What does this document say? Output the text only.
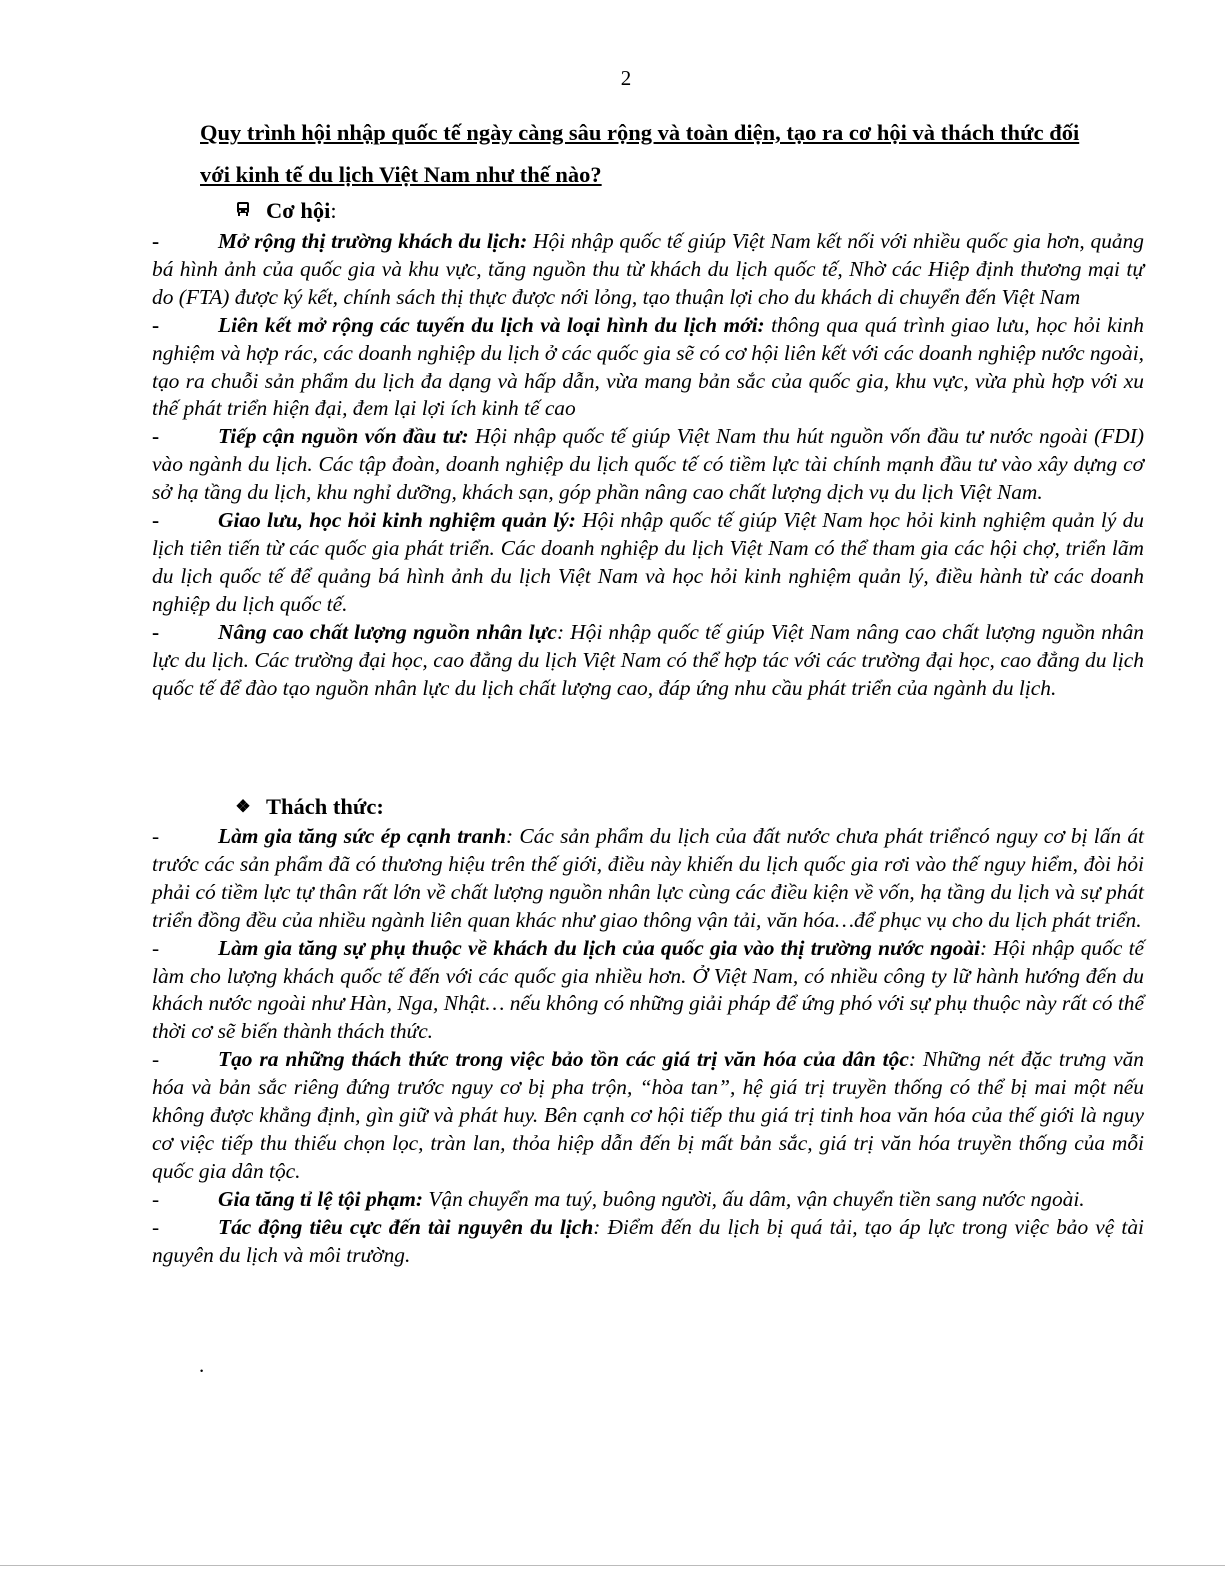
2
Quy trình hội nhập quốc tế ngày càng sâu rộng và toàn diện, tạo ra cơ hội và thách thức đối với kinh tế du lịch Việt Nam như thế nào?
Cơ hội :

-	Mở rộng thị trường khách du lịch: Hội nhập quốc tế giúp Việt Nam kết nối với nhiều quốc gia hơn, quảng bá hình ảnh của quốc gia và khu vực, tăng nguồn thu từ khách du lịch quốc tế, Nhờ các Hiệp định thương mại tự do (FTA) được ký kết, chính sách thị thực được nới lỏng, tạo thuận lợi cho du khách di chuyển đến Việt Nam

-	Liên kết mở rộng các tuyến du lịch và loại hình du lịch mới: thông qua quá trình giao lưu, học hỏi kinh nghiệm và hợp rác, các doanh nghiệp du lịch ở các quốc gia sẽ có cơ hội liên kết với các doanh nghiệp nước ngoài, tạo ra chuỗi sản phẩm du lịch đa dạng và hấp dẫn, vừa mang bản sắc của quốc gia, khu vực, vừa phù hợp với xu thế phát triển hiện đại, đem lại lợi ích kinh tế cao

-	Tiếp cận nguồn vốn đầu tư: Hội nhập quốc tế giúp Việt Nam thu hút nguồn vốn đầu tư nước ngoài (FDI) vào ngành du lịch. Các tập đoàn, doanh nghiệp du lịch quốc tế có tiềm lực tài chính mạnh đầu tư vào xây dựng cơ sở hạ tầng du lịch, khu nghỉ dưỡng, khách sạn, góp phần nâng cao chất lượng dịch vụ du lịch Việt Nam.

-	Giao lưu, học hỏi kinh nghiệm quản lý: Hội nhập quốc tế giúp Việt Nam học hỏi kinh nghiệm quản lý du lịch tiên tiến từ các quốc gia phát triển. Các doanh nghiệp du lịch Việt Nam có thể tham gia các hội chợ, triển lãm du lịch quốc tế để quảng bá hình ảnh du lịch Việt Nam và học hỏi kinh nghiệm quản lý, điều hành từ các doanh nghiệp du lịch quốc tế.

-	Nâng cao chất lượng nguồn nhân lực: Hội nhập quốc tế giúp Việt Nam nâng cao chất lượng nguồn nhân lực du lịch. Các trường đại học, cao đẳng du lịch Việt Nam có thể hợp tác với các trường đại học, cao đẳng du lịch quốc tế để đào tạo nguồn nhân lực du lịch chất lượng cao, đáp ứng nhu cầu phát triển của ngành du lịch.

❖ Thách thức:

-	Làm gia tăng sức ép cạnh tranh: Các sản phẩm du lịch của đất nước chưa phát triểncó nguy cơ bị lấn át trước các sản phẩm đã có thương hiệu trên thế giới, điều này khiến du lịch quốc gia rơi vào thế nguy hiểm, đòi hỏi phải có tiềm lực tự thân rất lớn về chất lượng nguồn nhân lực cùng các điều kiện về vốn, hạ tầng du lịch và sự phát triển đồng đều của nhiều ngành liên quan khác như giao thông vận tải, văn hóa…để phục vụ cho du lịch phát triển.

-	Làm gia tăng sự phụ thuộc về khách du lịch của quốc gia vào thị trường nước ngoài: Hội nhập quốc tế làm cho lượng khách quốc tế đến với các quốc gia nhiều hơn. Ở Việt Nam, có nhiều công ty lữ hành hướng đến du khách nước ngoài như Hàn, Nga, Nhật… nếu không có những giải pháp để ứng phó với sự phụ thuộc này rất có thể thời cơ sẽ biến thành thách thức.

-	Tạo ra những thách thức trong việc bảo tồn các giá trị văn hóa của dân tộc: Những nét đặc trưng văn hóa và bản sắc riêng đứng trước nguy cơ bị pha trộn, “hòa tan”, hệ giá trị truyền thống có thể bị mai một nếu không được khẳng định, gìn giữ và phát huy. Bên cạnh cơ hội tiếp thu giá trị tinh hoa văn hóa của thế giới là nguy cơ việc tiếp thu thiếu chọn lọc, tràn lan, thỏa hiệp dẫn đến bị mất bản sắc, giá trị văn hóa truyền thống của mỗi quốc gia dân tộc.

-	Gia tăng tỉ lệ tội phạm: Vận chuyển ma tuý, buông người, ấu dâm, vận chuyển tiền sang nước ngoài.

-	Tác động tiêu cực đến tài nguyên du lịch: Điểm đến du lịch bị quá tải, tạo áp lực trong việc bảo vệ tài nguyên du lịch và môi trường.

.
